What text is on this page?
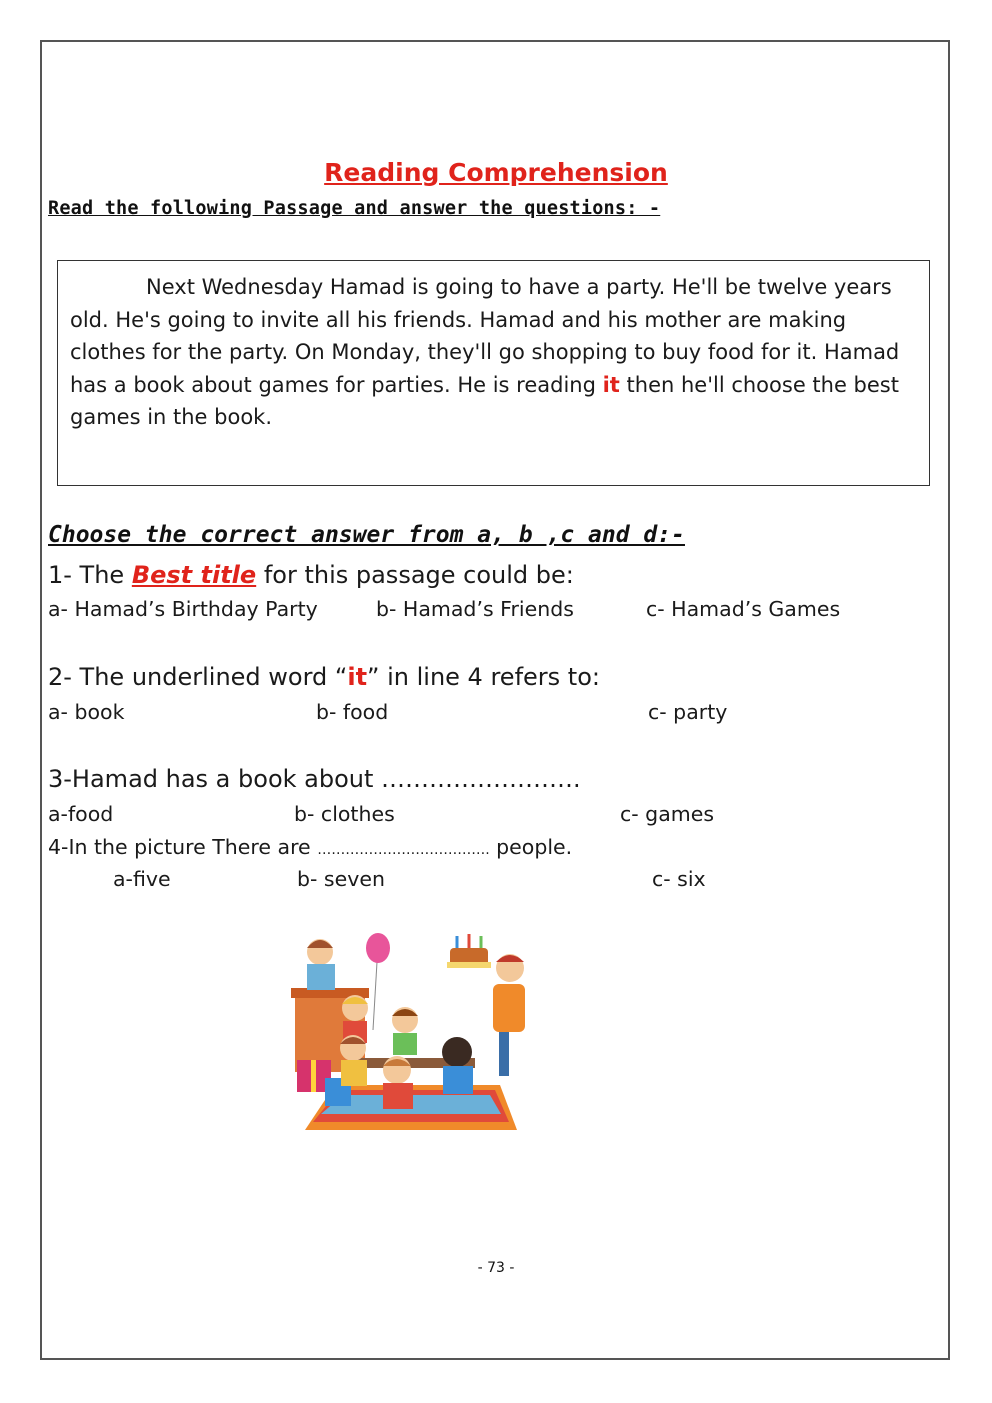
Reading Comprehension
Read the following Passage and answer the questions: -
Next Wednesday Hamad is going to have a party. He'll be twelve years old. He's going to invite all his friends. Hamad and his mother are making clothes for the party. On Monday, they'll go shopping to buy food for it. Hamad has a book about games for parties. He is reading it then he'll choose the best games in the book.
Choose the correct answer from a, b ,c and d:-
1- The Best title for this passage could be:
a- Hamad’s Birthday Party	b- Hamad’s Friends	c- Hamad’s Games
2- The underlined word “it” in line 4 refers to:
a- book	b- food	c- party
3-Hamad has a book about …………………….
a-food	b- clothes	c- games
4-In the picture There are ………………………………. people.
a-five	b- seven	c- six
- 73 -
